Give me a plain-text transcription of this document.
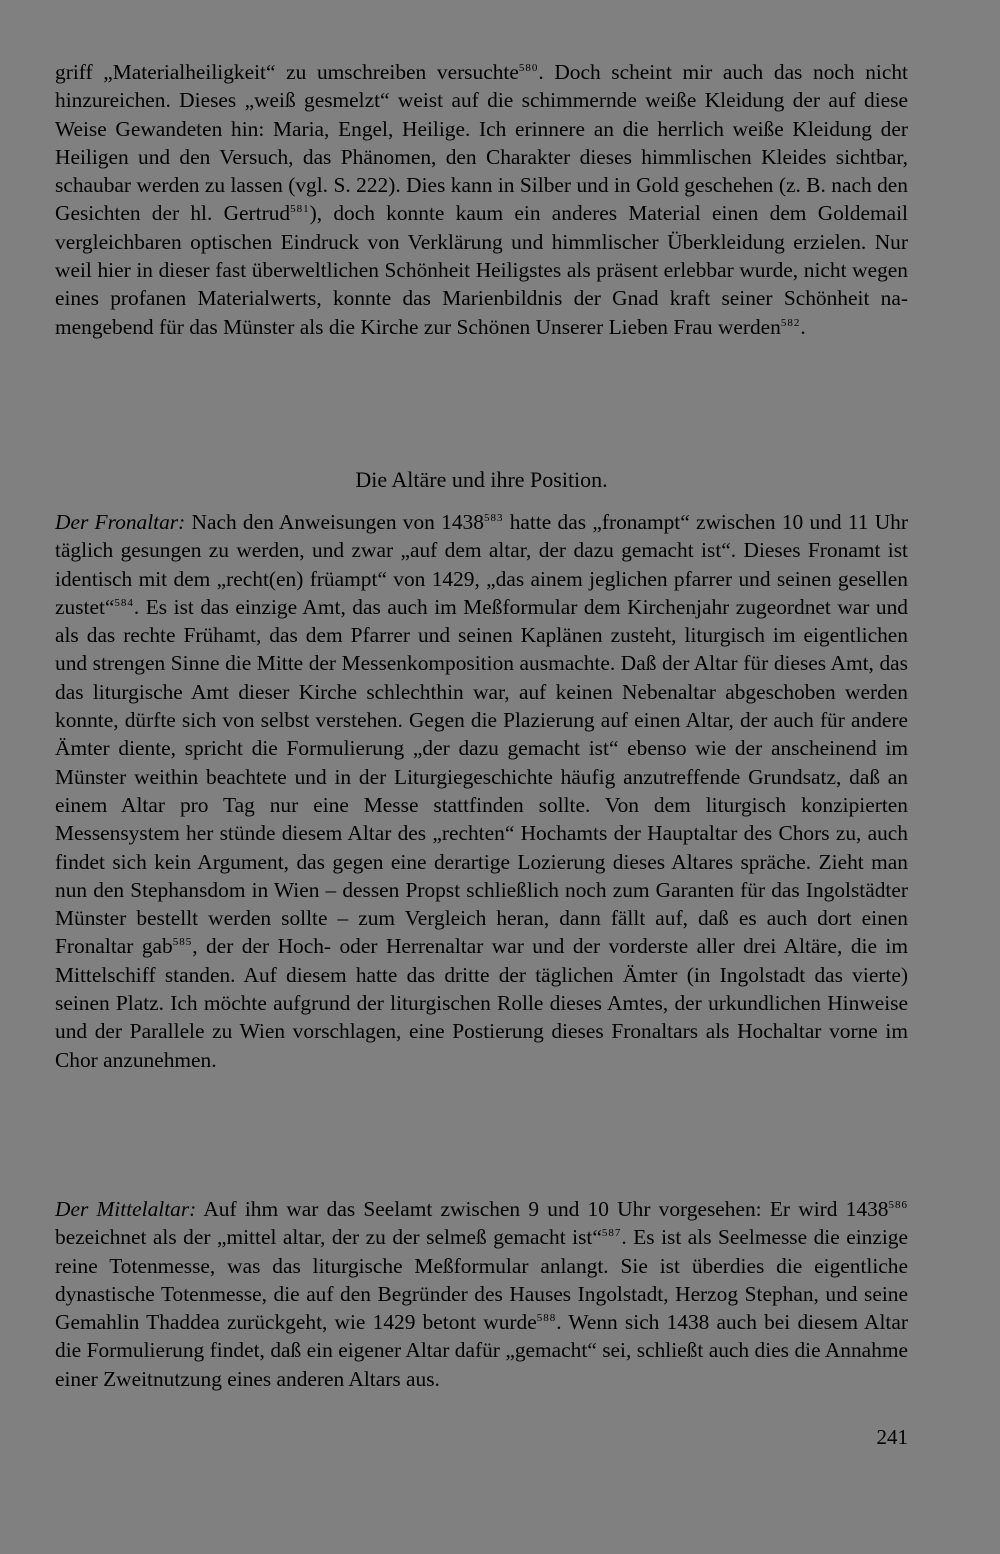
griff „Materialheiligkeit“ zu umschreiben versuchte$^{580}$. Doch scheint mir auch das noch nicht hinzureichen. Dieses „weiß gesmelzt“ weist auf die schimmernde weiße Kleidung der auf diese Weise Gewandeten hin: Maria, Engel, Heilige. Ich erinnere an die herrlich weiße Kleidung der Heiligen und den Versuch, das Phänomen, den Charakter dieses himmlischen Kleides sichtbar, schaubar werden zu lassen (vgl. S. 222). Dies kann in Silber und in Gold geschehen (z. B. nach den Gesichten der hl. Gertrud$^{581}$), doch konnte kaum ein anderes Material einen dem Goldemail vergleichbaren optischen Eindruck von Verklärung und himmlischer Überkleidung erzielen. Nur weil hier in dieser fast überweltlichen Schönheit Heiligstes als präsent erlebbar wurde, nicht wegen eines profanen Materialwerts, konnte das Marienbildnis der Gnad kraft seiner Schönheit namengebend für das Münster als die Kirche zur Schönen Unserer Lieben Frau werden$^{582}$.

Die Altäre und ihre Position.

Der Fronaltar: Nach den Anweisungen von 1438$^{583}$ hatte das „fronampt“ zwischen 10 und 11 Uhr täglich gesungen zu werden, und zwar „auf dem altar, der dazu gemacht ist“. Dieses Fronamt ist identisch mit dem „recht(en) früampt“ von 1429, „das ainem jeglichen pfarrer und seinen gesellen zustet“$^{584}$. Es ist das einzige Amt, das auch im Meßformular dem Kirchenjahr zugeordnet war und als das rechte Frühamt, das dem Pfarrer und seinen Kaplänen zusteht, liturgisch im eigentlichen und strengen Sinne die Mitte der Messenkomposition ausmachte. Daß der Altar für dieses Amt, das das liturgische Amt dieser Kirche schlechthin war, auf keinen Nebenaltar abgeschoben werden konnte, dürfte sich von selbst verstehen. Gegen die Plazierung auf einen Altar, der auch für andere Ämter diente, spricht die Formulierung „der dazu gemacht ist“ ebenso wie der anscheinend im Münster weithin beachtete und in der Liturgiegeschichte häufig anzutreffende Grundsatz, daß an einem Altar pro Tag nur eine Messe stattfinden sollte. Von dem liturgisch konzipierten Messensystem her stünde diesem Altar des „rechten“ Hochamts der Hauptaltar des Chors zu, auch findet sich kein Argument, das gegen eine derartige Lozierung dieses Altares spräche. Zieht man nun den Stephansdom in Wien – dessen Propst schließlich noch zum Garanten für das Ingolstädter Münster bestellt werden sollte – zum Vergleich heran, dann fällt auf, daß es auch dort einen Fronaltar gab$^{585}$, der der Hoch- oder Herrenaltar war und der vorderste aller drei Altäre, die im Mittelschiff standen. Auf diesem hatte das dritte der täglichen Ämter (in Ingolstadt das vierte) seinen Platz. Ich möchte aufgrund der liturgischen Rolle dieses Amtes, der urkundlichen Hinweise und der Parallele zu Wien vorschlagen, eine Postierung dieses Fronaltars als Hochaltar vorne im Chor anzunehmen.

Der Mittelaltar: Auf ihm war das Seelamt zwischen 9 und 10 Uhr vorgesehen: Er wird 1438$^{586}$ bezeichnet als der „mittel altar, der zu der selmeß gemacht ist“$^{587}$. Es ist als Seelmesse die einzige reine Totenmesse, was das liturgische Meßformular anlangt. Sie ist überdies die eigentliche dynastische Totenmesse, die auf den Begründer des Hauses Ingolstadt, Herzog Stephan, und seine Gemahlin Thaddea zurückgeht, wie 1429 betont wurde$^{588}$. Wenn sich 1438 auch bei diesem Altar die Formulierung findet, daß ein eigener Altar dafür „gemacht“ sei, schließt auch dies die Annahme einer Zweitnutzung eines anderen Altars aus.

241
